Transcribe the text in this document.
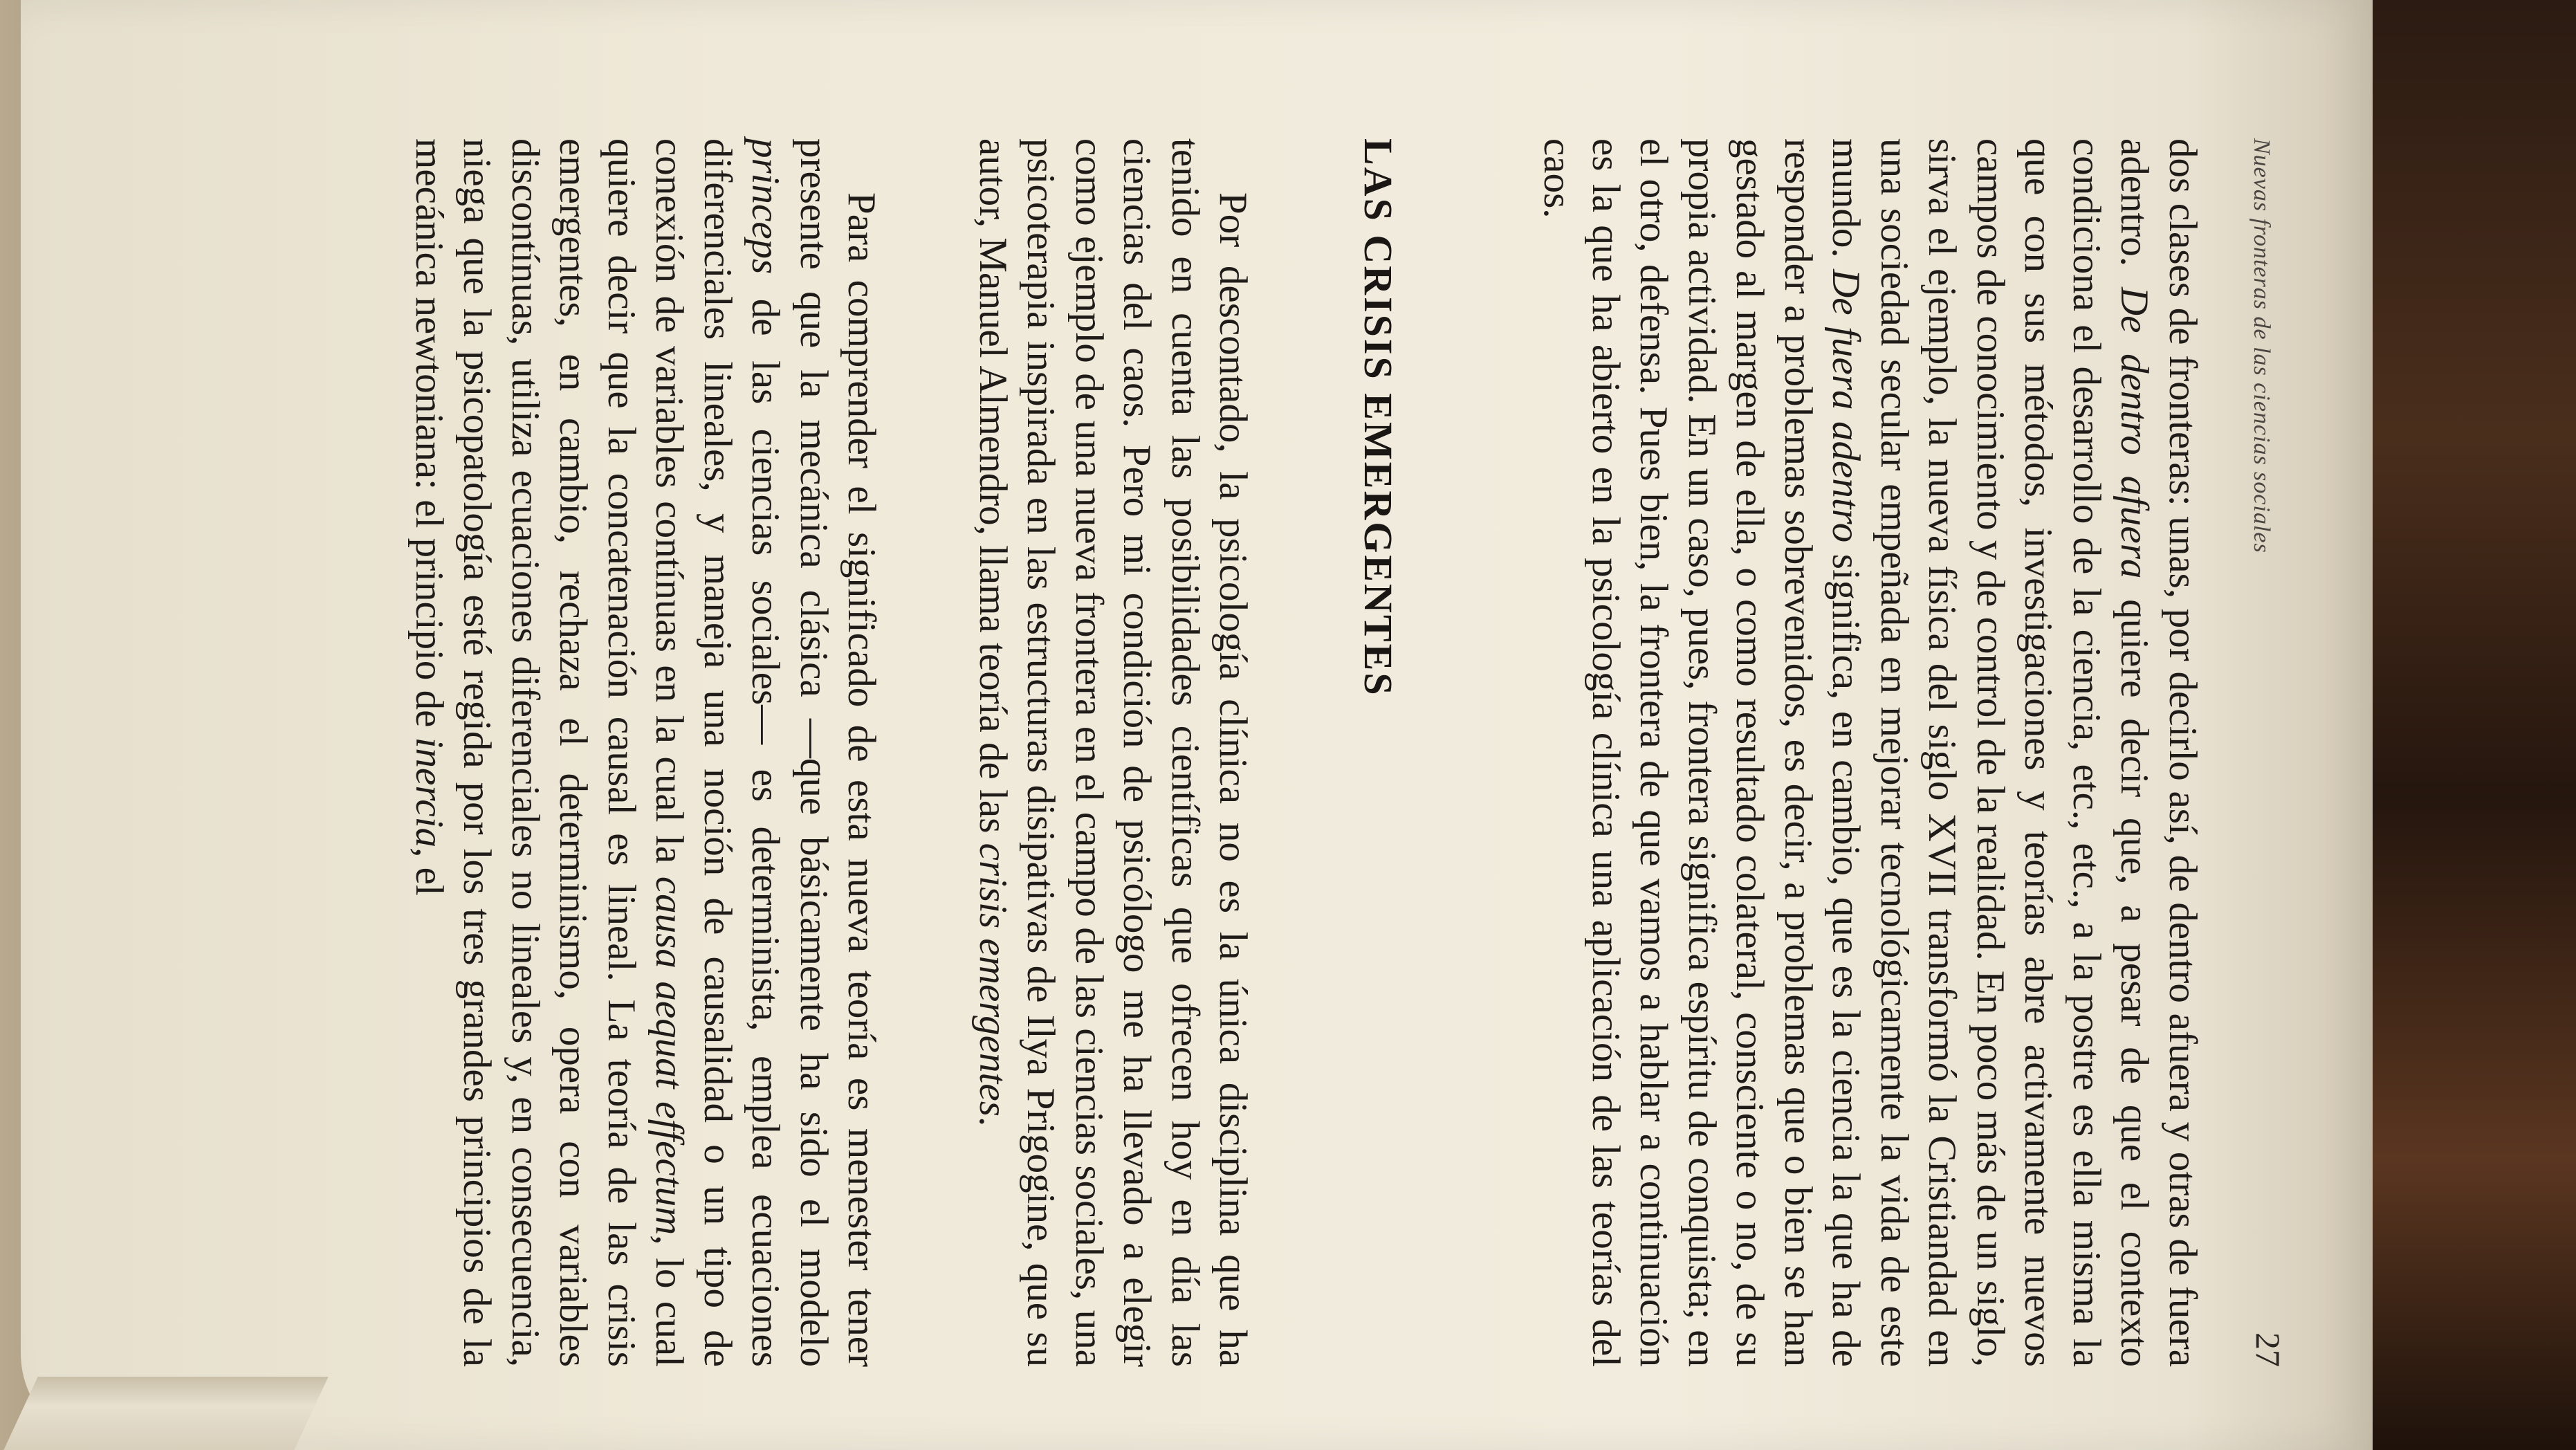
Nuevas fronteras de las ciencias sociales
27

dos clases de fronteras: unas, por decirlo así, de dentro afuera y otras de fuera adentro. De dentro afuera quiere decir que, a pesar de que el contexto condiciona el desarrollo de la ciencia, etc., etc., a la postre es ella misma la que con sus métodos, investigaciones y teorías abre activamente nuevos campos de conocimiento y de control de la realidad. En poco más de un siglo, sirva el ejemplo, la nueva física del siglo XVII transformó la Cristiandad en una sociedad secular empeñada en mejorar tecnológicamente la vida de este mundo. De fuera adentro significa, en cambio, que es la ciencia la que ha de responder a problemas sobrevenidos, es decir, a problemas que o bien se han gestado al margen de ella, o como resultado colateral, consciente o no, de su propia actividad. En un caso, pues, frontera significa espíritu de conquista; en el otro, defensa. Pues bien, la frontera de que vamos a hablar a continuación es la que ha abierto en la psicología clínica una aplicación de las teorías del caos.

LAS CRISIS EMERGENTES

Por descontado, la psicología clínica no es la única disciplina que ha tenido en cuenta las posibilidades científicas que ofrecen hoy en día las ciencias del caos. Pero mi condición de psicólogo me ha llevado a elegir como ejemplo de una nueva frontera en el campo de las ciencias sociales, una psicoterapia inspirada en las estructuras disipativas de Ilya Prigogine, que su autor, Manuel Almendro, llama teoría de las crisis emergentes.

Para comprender el significado de esta nueva teoría es menester tener presente que la mecánica clásica —que básicamente ha sido el modelo princeps de las ciencias sociales— es determinista, emplea ecuaciones diferenciales lineales, y maneja una noción de causalidad o un tipo de conexión de variables contínuas en la cual la causa aequat effectum, lo cual quiere decir que la concatenación causal es lineal. La teoría de las crisis emergentes, en cambio, rechaza el determinismo, opera con variables discontínuas, utiliza ecuaciones diferenciales no lineales y, en consecuencia, niega que la psicopatología esté regida por los tres grandes principios de la mecánica newtoniana: el principio de inercia, el
